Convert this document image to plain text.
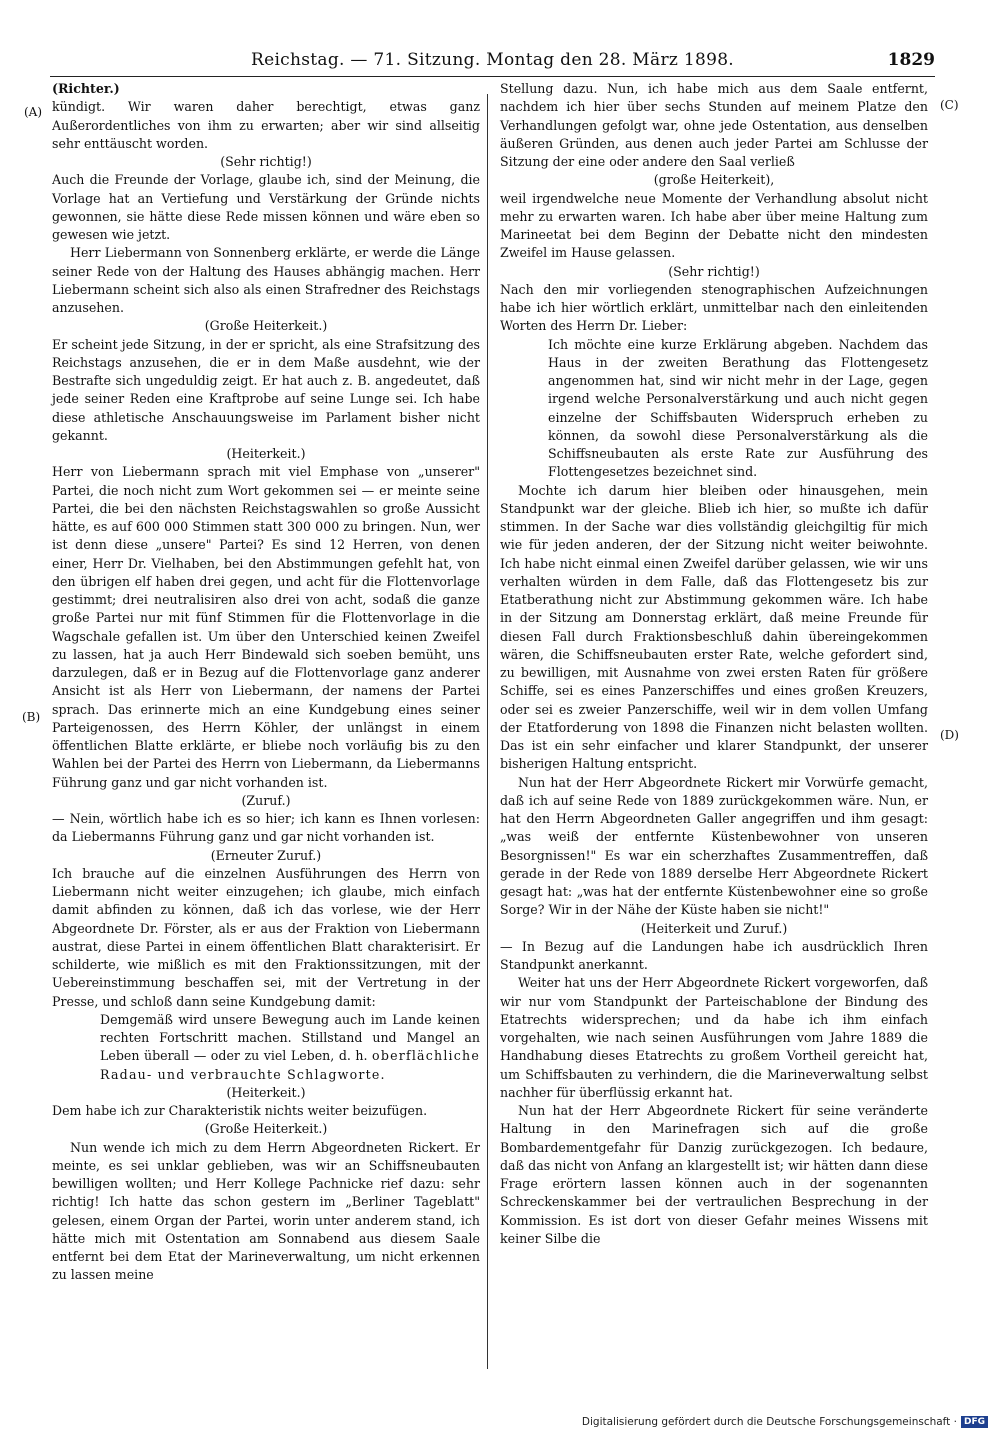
Reichstag. — 71. Sitzung. Montag den 28. März 1898.	1829
(A)
(B)
(C)
(D)

(Richter.)

kündigt. Wir waren daher berechtigt, etwas ganz Außerordentliches von ihm zu erwarten; aber wir sind allseitig sehr enttäuscht worden.

(Sehr richtig!)

Auch die Freunde der Vorlage, glaube ich, sind der Meinung, die Vorlage hat an Vertiefung und Verstärkung der Gründe nichts gewonnen, sie hätte diese Rede missen können und wäre eben so gewesen wie jetzt.

Herr Liebermann von Sonnenberg erklärte, er werde die Länge seiner Rede von der Haltung des Hauses abhängig machen. Herr Liebermann scheint sich also als einen Strafredner des Reichstags anzusehen.

(Große Heiterkeit.)

Er scheint jede Sitzung, in der er spricht, als eine Strafsitzung des Reichstags anzusehen, die er in dem Maße ausdehnt, wie der Bestrafte sich ungeduldig zeigt. Er hat auch z. B. angedeutet, daß jede seiner Reden eine Kraftprobe auf seine Lunge sei. Ich habe diese athletische Anschauungsweise im Parlament bisher nicht gekannt.

(Heiterkeit.)

Herr von Liebermann sprach mit viel Emphase von „unserer" Partei, die noch nicht zum Wort gekommen sei — er meinte seine Partei, die bei den nächsten Reichstagswahlen so große Aussicht hätte, es auf 600 000 Stimmen statt 300 000 zu bringen. Nun, wer ist denn diese „unsere" Partei? Es sind 12 Herren, von denen einer, Herr Dr. Vielhaben, bei den Abstimmungen gefehlt hat, von den übrigen elf haben drei gegen, und acht für die Flottenvorlage gestimmt; drei neutralisiren also drei von acht, sodaß die ganze große Partei nur mit fünf Stimmen für die Flottenvorlage in die Wagschale gefallen ist. Um über den Unterschied keinen Zweifel zu lassen, hat ja auch Herr Bindewald sich soeben bemüht, uns darzulegen, daß er in Bezug auf die Flottenvorlage ganz anderer Ansicht ist als Herr von Liebermann, der namens der Partei sprach. Das erinnerte mich an eine Kundgebung eines seiner Parteigenossen, des Herrn Köhler, der unlängst in einem öffentlichen Blatte erklärte, er bliebe noch vorläufig bis zu den Wahlen bei der Partei des Herrn von Liebermann, da Liebermanns Führung ganz und gar nicht vorhanden ist.

(Zuruf.)

— Nein, wörtlich habe ich es so hier; ich kann es Ihnen vorlesen: da Liebermanns Führung ganz und gar nicht vorhanden ist.

(Erneuter Zuruf.)

Ich brauche auf die einzelnen Ausführungen des Herrn von Liebermann nicht weiter einzugehen; ich glaube, mich einfach damit abfinden zu können, daß ich das vorlese, wie der Herr Abgeordnete Dr. Förster, als er aus der Fraktion von Liebermann austrat, diese Partei in einem öffentlichen Blatt charakterisirt. Er schilderte, wie mißlich es mit den Fraktionssitzungen, mit der Uebereinstimmung beschaffen sei, mit der Vertretung in der Presse, und schloß dann seine Kundgebung damit:

Demgemäß wird unsere Bewegung auch im Lande keinen rechten Fortschritt machen. Stillstand und Mangel an Leben überall — oder zu viel Leben, d. h. oberflächliche Radau- und verbrauchte Schlagworte.

(Heiterkeit.)

Dem habe ich zur Charakteristik nichts weiter beizufügen.

(Große Heiterkeit.)

Nun wende ich mich zu dem Herrn Abgeordneten Rickert. Er meinte, es sei unklar geblieben, was wir an Schiffsneubauten bewilligen wollten; und Herr Kollege Pachnicke rief dazu: sehr richtig! Ich hatte das schon gestern im „Berliner Tageblatt" gelesen, einem Organ der Partei, worin unter anderem stand, ich hätte mich mit Ostentation am Sonnabend aus diesem Saale entfernt bei dem Etat der Marineverwaltung, um nicht erkennen zu lassen meine

Stellung dazu. Nun, ich habe mich aus dem Saale entfernt, nachdem ich hier über sechs Stunden auf meinem Platze den Verhandlungen gefolgt war, ohne jede Ostentation, aus denselben äußeren Gründen, aus denen auch jeder Partei am Schlusse der Sitzung der eine oder andere den Saal verließ

(große Heiterkeit),

weil irgendwelche neue Momente der Verhandlung absolut nicht mehr zu erwarten waren. Ich habe aber über meine Haltung zum Marineetat bei dem Beginn der Debatte nicht den mindesten Zweifel im Hause gelassen.

(Sehr richtig!)

Nach den mir vorliegenden stenographischen Aufzeichnungen habe ich hier wörtlich erklärt, unmittelbar nach den einleitenden Worten des Herrn Dr. Lieber:

Ich möchte eine kurze Erklärung abgeben. Nachdem das Haus in der zweiten Berathung das Flottengesetz angenommen hat, sind wir nicht mehr in der Lage, gegen irgend welche Personalverstärkung und auch nicht gegen einzelne der Schiffsbauten Widerspruch erheben zu können, da sowohl diese Personalverstärkung als die Schiffsneubauten als erste Rate zur Ausführung des Flottengesetzes bezeichnet sind.

Mochte ich darum hier bleiben oder hinausgehen, mein Standpunkt war der gleiche. Blieb ich hier, so mußte ich dafür stimmen. In der Sache war dies vollständig gleichgiltig für mich wie für jeden anderen, der der Sitzung nicht weiter beiwohnte. Ich habe nicht einmal einen Zweifel darüber gelassen, wie wir uns verhalten würden in dem Falle, daß das Flottengesetz bis zur Etatberathung nicht zur Abstimmung gekommen wäre. Ich habe in der Sitzung am Donnerstag erklärt, daß meine Freunde für diesen Fall durch Fraktionsbeschluß dahin übereingekommen wären, die Schiffsneubauten erster Rate, welche gefordert sind, zu bewilligen, mit Ausnahme von zwei ersten Raten für größere Schiffe, sei es eines Panzerschiffes und eines großen Kreuzers, oder sei es zweier Panzerschiffe, weil wir in dem vollen Umfang der Etatforderung von 1898 die Finanzen nicht belasten wollten. Das ist ein sehr einfacher und klarer Standpunkt, der unserer bisherigen Haltung entspricht.

Nun hat der Herr Abgeordnete Rickert mir Vorwürfe gemacht, daß ich auf seine Rede von 1889 zurückgekommen wäre. Nun, er hat den Herrn Abgeordneten Galler angegriffen und ihm gesagt: „was weiß der entfernte Küstenbewohner von unseren Besorgnissen!" Es war ein scherzhaftes Zusammentreffen, daß gerade in der Rede von 1889 derselbe Herr Abgeordnete Rickert gesagt hat: „was hat der entfernte Küstenbewohner eine so große Sorge? Wir in der Nähe der Küste haben sie nicht!"

(Heiterkeit und Zuruf.)

— In Bezug auf die Landungen habe ich ausdrücklich Ihren Standpunkt anerkannt.

Weiter hat uns der Herr Abgeordnete Rickert vorgeworfen, daß wir nur vom Standpunkt der Parteischablone der Bindung des Etatrechts widersprechen; und da habe ich ihm einfach vorgehalten, wie nach seinen Ausführungen vom Jahre 1889 die Handhabung dieses Etatrechts zu großem Vortheil gereicht hat, um Schiffsbauten zu verhindern, die die Marineverwaltung selbst nachher für überflüssig erkannt hat.

Nun hat der Herr Abgeordnete Rickert für seine veränderte Haltung in den Marinefragen sich auf die große Bombardementgefahr für Danzig zurückgezogen. Ich bedaure, daß das nicht von Anfang an klargestellt ist; wir hätten dann diese Frage erörtern lassen können auch in der sogenannten Schreckenskammer bei der vertraulichen Besprechung in der Kommission. Es ist dort von dieser Gefahr meines Wissens mit keiner Silbe die

Digitalisierung gefördert durch die Deutsche Forschungsgemeinschaft · DFG
